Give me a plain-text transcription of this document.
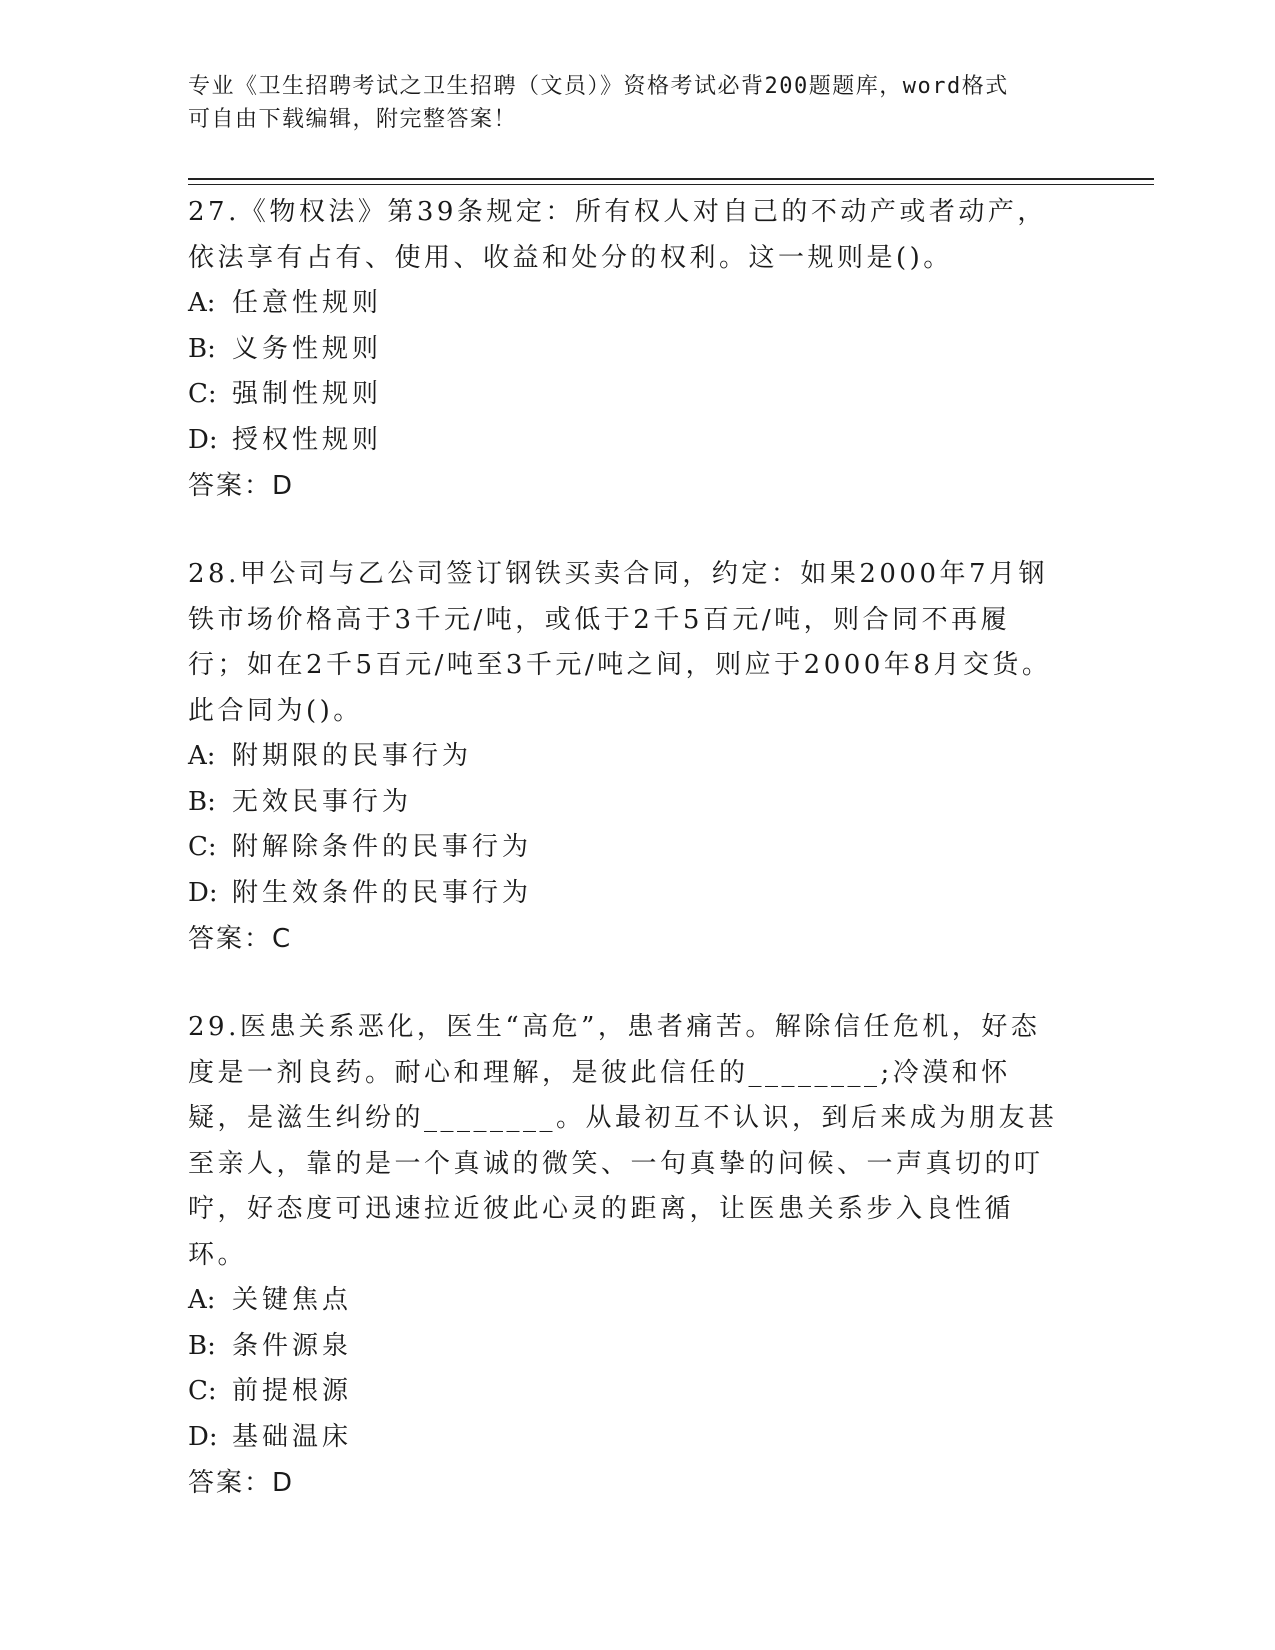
专业《卫生招聘考试之卫生招聘（文员）》资格考试必背200题题库，word格式
可自由下载编辑，附完整答案！

27.《物权法》第39条规定：所有权人对自己的不动产或者动产，依法享有占有、使用、收益和处分的权利。这一规则是()。

A: 任意性规则

B: 义务性规则

C: 强制性规则

D: 授权性规则

答案：D

28.甲公司与乙公司签订钢铁买卖合同，约定：如果2000年7月钢铁市场价格高于3千元/吨，或低于2千5百元/吨，则合同不再履行；如在2千5百元/吨至3千元/吨之间，则应于2000年8月交货。此合同为()。

A: 附期限的民事行为

B: 无效民事行为

C: 附解除条件的民事行为

D: 附生效条件的民事行为

答案：C

29.医患关系恶化，医生“高危”，患者痛苦。解除信任危机，好态度是一剂良药。耐心和理解，是彼此信任的________;冷漠和怀疑，是滋生纠纷的________。从最初互不认识，到后来成为朋友甚至亲人，靠的是一个真诚的微笑、一句真挚的问候、一声真切的叮咛，好态度可迅速拉近彼此心灵的距离，让医患关系步入良性循环。

A: 关键焦点

B: 条件源泉

C: 前提根源

D: 基础温床

答案：D
